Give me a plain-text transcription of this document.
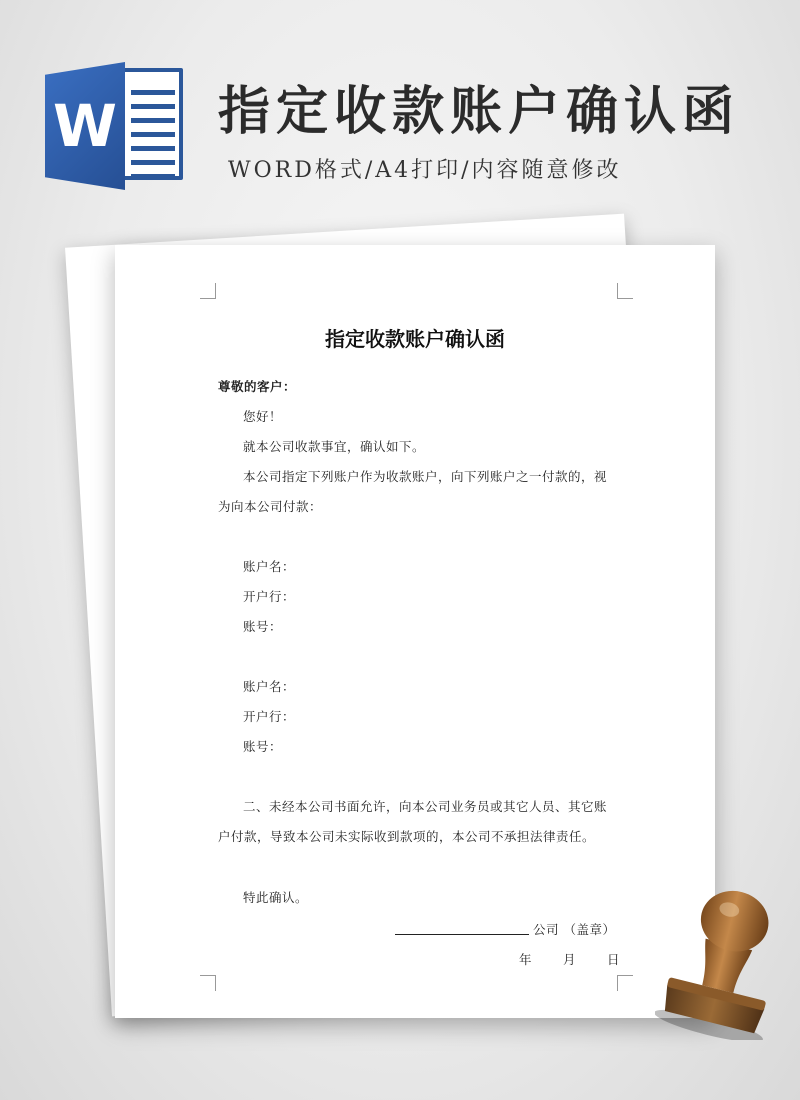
W 指定收款账户确认函
WORD格式/A4打印/内容随意修改
指定收款账户确认函
尊敬的客户：
您好！
就本公司收款事宜，确认如下。
本公司指定下列账户作为收款账户，向下列账户之一付款的，视
为向本公司付款：
账户名：
开户行：
账号：
账户名：
开户行：
账号：
二、未经本公司书面允许，向本公司业务员或其它人员、其它账
户付款，导致本公司未实际收到款项的，本公司不承担法律责任。
特此确认。
公司 （盖章）
年 月 日
